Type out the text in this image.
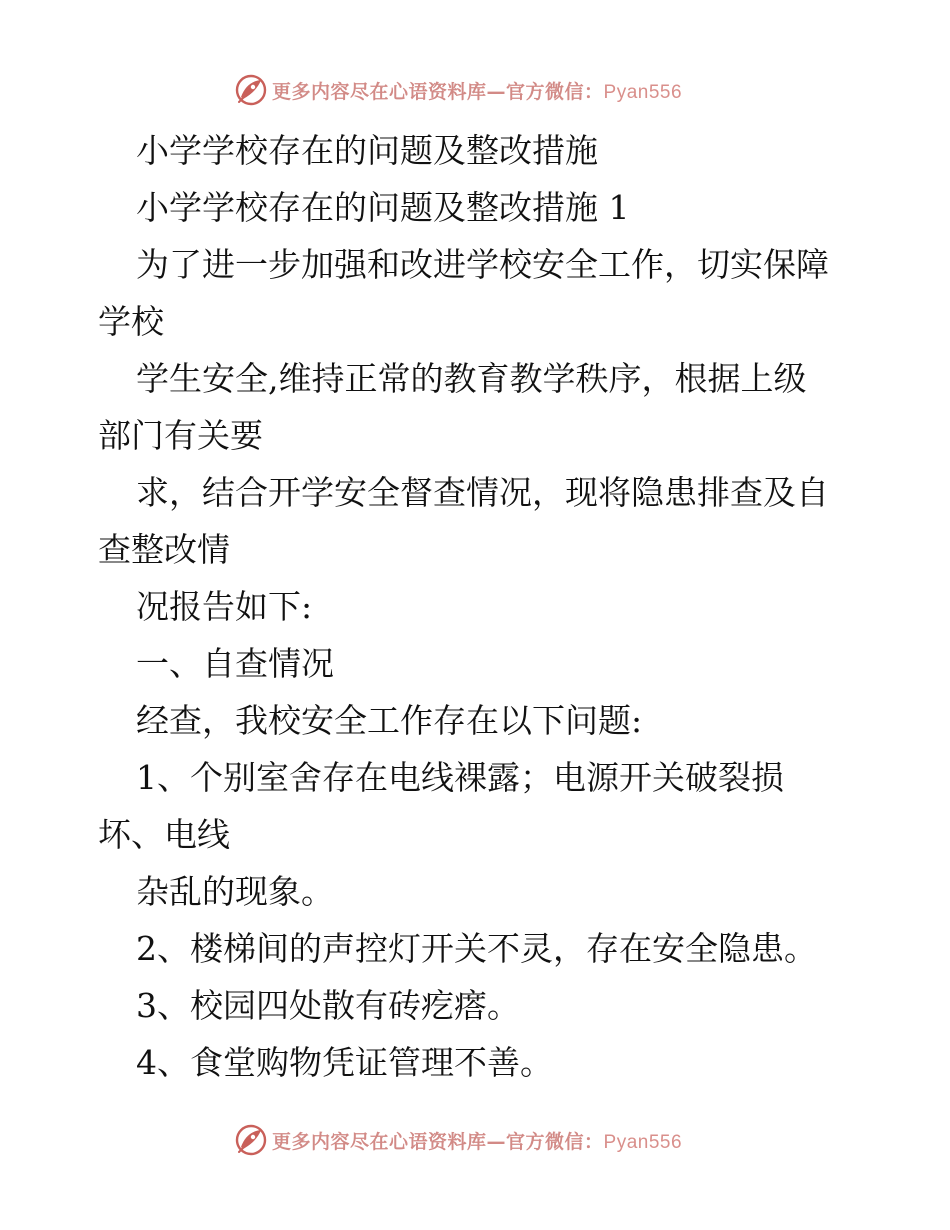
更多内容尽在心语资料库—官方微信：Pyan556
小学学校存在的问题及整改措施
小学学校存在的问题及整改措施 1
为了进一步加强和改进学校安全工作，切实保障
学校
学生安全,维持正常的教育教学秩序，根据上级
部门有关要
求，结合开学安全督查情况，现将隐患排查及自
查整改情
况报告如下:
一、自查情况
经查，我校安全工作存在以下问题:
1、个别室舍存在电线裸露；电源开关破裂损
坏、电线
杂乱的现象。
2、楼梯间的声控灯开关不灵，存在安全隐患。
3、校园四处散有砖疙瘩。
4、食堂购物凭证管理不善。
更多内容尽在心语资料库—官方微信：Pyan556
